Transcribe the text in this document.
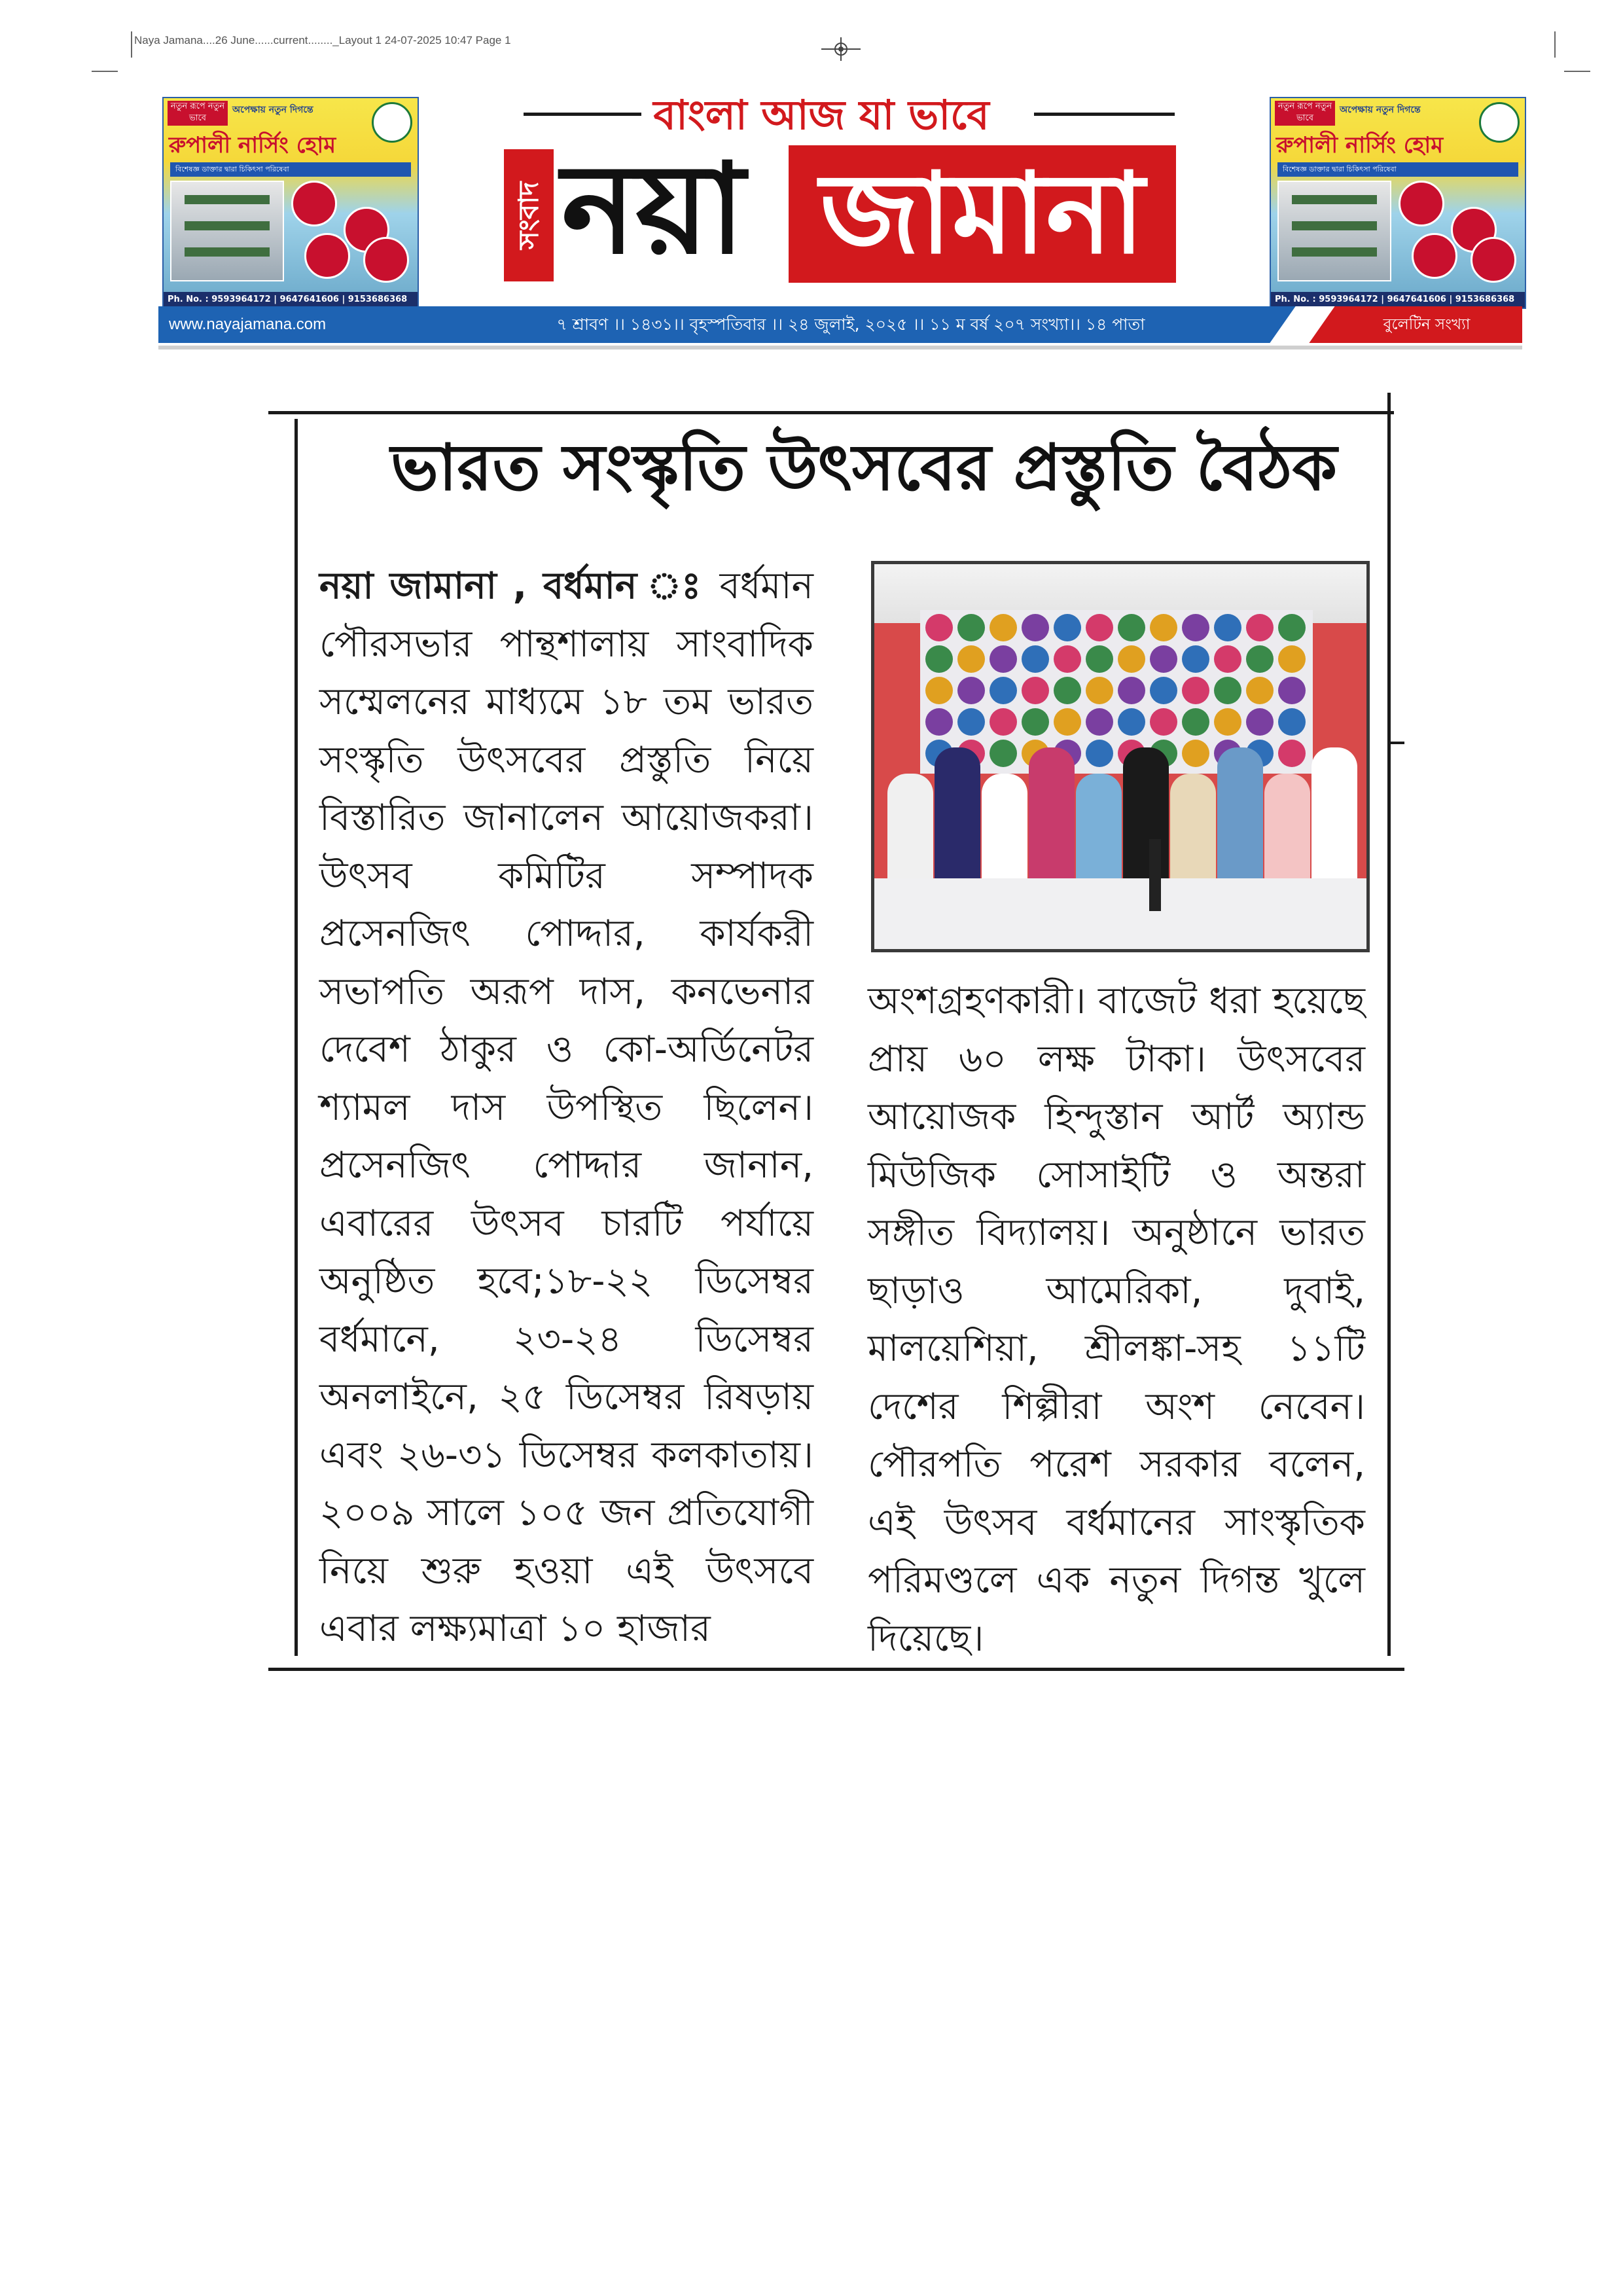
Naya Jamana....26 June......current........_Layout 1 24-07-2025 10:47 Page 1
নতুন রূপে নতুন ভাবে
অপেক্ষায় নতুন দিগন্তে
রুপালী নার্সিং হোম
বিশেষজ্ঞ ডাক্তার দ্বারা চিকিৎসা পরিষেবা
Ph. No. : 9593964172 | 9647641606 | 9153686368
নতুন রূপে নতুন ভাবে
অপেক্ষায় নতুন দিগন্তে
রুপালী নার্সিং হোম
বিশেষজ্ঞ ডাক্তার দ্বারা চিকিৎসা পরিষেবা
Ph. No. : 9593964172 | 9647641606 | 9153686368
বাংলা আজ যা ভাবে
সংবাদ নয়া জামানা
www.nayajamana.com	৭ শ্রাবণ ।। ১৪৩১।। বৃহস্পতিবার ।। ২৪ জুলাই, ২০২৫ ।। ১১ ম বর্ষ ২০৭ সংখ্যা।। ১৪ পাতা	বুলেটিন সংখ্যা
ভারত সংস্কৃতি উৎসবের প্রস্তুতি বৈঠক
নয়া জামানা , বর্ধমান ঃ বর্ধমান পৌরসভার পান্থশালায় সাংবাদিক সম্মেলনের মাধ্যমে ১৮ তম ভারত সংস্কৃতি উৎসবের প্রস্তুতি নিয়ে বিস্তারিত জানালেন আয়োজকরা। উৎসব কমিটির সম্পাদক প্রসেনজিৎ পোদ্দার, কার্যকরী সভাপতি অরূপ দাস, কনভেনার দেবেশ ঠাকুর ও কো-অর্ডিনেটর শ্যামল দাস উপস্থিত ছিলেন। প্রসেনজিৎ পোদ্দার জানান, এবারের উৎসব চারটি পর্যায়ে অনুষ্ঠিত হবে;১৮-২২ ডিসেম্বর বর্ধমানে, ২৩-২৪ ডিসেম্বর অনলাইনে, ২৫ ডিসেম্বর রিষড়ায় এবং ২৬-৩১ ডিসেম্বর কলকাতায়। ২০০৯ সালে ১০৫ জন প্রতিযোগী নিয়ে শুরু হওয়া এই উৎসবে এবার লক্ষ্যমাত্রা ১০ হাজার
অংশগ্রহণকারী। বাজেট ধরা হয়েছে প্রায় ৬০ লক্ষ টাকা। উৎসবের আয়োজক হিন্দুস্তান আর্ট অ্যান্ড মিউজিক সোসাইটি ও অন্তরা সঙ্গীত বিদ্যালয়। অনুষ্ঠানে ভারত ছাড়াও আমেরিকা, দুবাই, মালয়েশিয়া, শ্রীলঙ্কা-সহ ১১টি দেশের শিল্পীরা অংশ নেবেন। পৌরপতি পরেশ সরকার বলেন, এই উৎসব বর্ধমানের সাংস্কৃতিক পরিমণ্ডলে এক নতুন দিগন্ত খুলে দিয়েছে।
